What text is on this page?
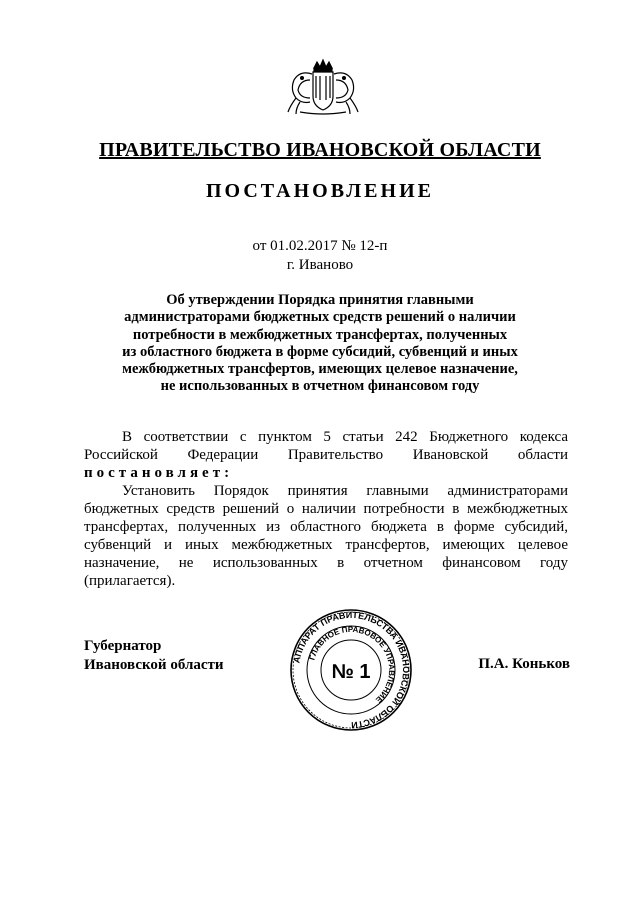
ПРАВИТЕЛЬСТВО ИВАНОВСКОЙ ОБЛАСТИ
ПОСТАНОВЛЕНИЕ
от 01.02.2017 № 12-п
г. Иваново
Об утверждении Порядка принятия главными
администраторами бюджетных средств решений о наличии
потребности в межбюджетных трансфертах, полученных
из областного бюджета в форме субсидий, субвенций и иных
межбюджетных трансфертов, имеющих целевое назначение,
не использованных в отчетном финансовом году
В соответствии с пунктом 5 статьи 242 Бюджетного кодекса
Российской Федерации Правительство Ивановской области
постановляет:
Установить Порядок принятия главными администраторами
бюджетных средств решений о наличии потребности в межбюджетных
трансфертах, полученных из областного бюджета в форме субсидий,
субвенций и иных межбюджетных трансфертов, имеющих целевое
назначение, не использованных в отчетном финансовом году
(прилагается).
Губернатор
Ивановской области	АППАРАТ ПРАВИТЕЛЬСТВА ИВАНОВСКОЙ ОБЛАСТИ
ГЛАВНОЕ ПРАВОВОЕ УПРАВЛЕНИЕ
№ 1	П.А. Коньков
